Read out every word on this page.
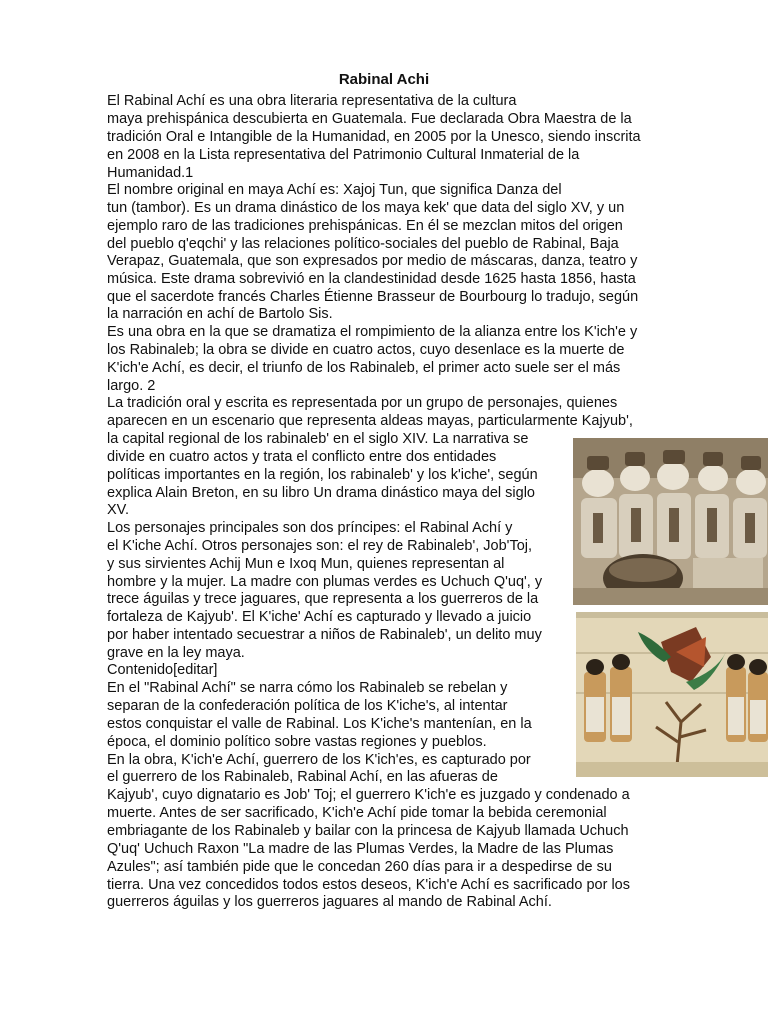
Rabinal Achi
El Rabinal Achí es una obra literaria representativa de la cultura
maya prehispánica descubierta en Guatemala. Fue declarada Obra Maestra de la
tradición Oral e Intangible de la Humanidad, en 2005 por la Unesco, siendo inscrita
en 2008 en la Lista representativa del Patrimonio Cultural Inmaterial de la
Humanidad.1
El nombre original en maya Achí es: Xajoj Tun, que significa Danza del
tun (tambor). Es un drama dinástico de los maya kek' que data del siglo XV, y un
ejemplo raro de las tradiciones prehispánicas. En él se mezclan mitos del origen
del pueblo q'eqchi' y las relaciones político-sociales del pueblo de Rabinal, Baja
Verapaz, Guatemala, que son expresados por medio de máscaras, danza, teatro y
música. Este drama sobrevivió en la clandestinidad desde 1625 hasta 1856, hasta
que el sacerdote francés Charles Étienne Brasseur de Bourbourg lo tradujo, según
la narración en achí de Bartolo Sis.
Es una obra en la que se dramatiza el rompimiento de la alianza entre los K'ich'e y
los Rabinaleb; la obra se divide en cuatro actos, cuyo desenlace es la muerte de
K'ich'e Achí, es decir, el triunfo de los Rabinaleb, el primer acto suele ser el más
largo. 2
La tradición oral y escrita es representada por un grupo de personajes, quienes
aparecen en un escenario que representa aldeas mayas, particularmente Kajyub',
la capital regional de los rabinaleb' en el siglo XIV. La narrativa se
divide en cuatro actos y trata el conflicto entre dos entidades
políticas importantes en la región, los rabinaleb' y los k'iche', según
explica Alain Breton, en su libro Un drama dinástico maya del siglo
XV.
Los personajes principales son dos príncipes: el Rabinal Achí y
el K'iche Achí. Otros personajes son: el rey de Rabinaleb', Job'Toj,
y sus sirvientes Achij Mun e Ixoq Mun, quienes representan al
hombre y la mujer. La madre con plumas verdes es Uchuch Q'uq', y
trece águilas y trece jaguares, que representa a los guerreros de la
fortaleza de Kajyub'. El K'iche' Achí es capturado y llevado a juicio
por haber intentado secuestrar a niños de Rabinaleb', un delito muy
grave en la ley maya.
Contenido[editar]
En el "Rabinal Achí" se narra cómo los Rabinaleb se rebelan y
separan de la confederación política de los K'iche's, al intentar
estos conquistar el valle de Rabinal. Los K'iche's mantenían, en la
época, el dominio político sobre vastas regiones y pueblos.
En la obra, K'ich'e Achí, guerrero de los K'ich'es, es capturado por
el guerrero de los Rabinaleb, Rabinal Achí, en las afueras de
Kajyub', cuyo dignatario es Job' Toj; el guerrero K'ich'e es juzgado y condenado a
muerte. Antes de ser sacrificado, K'ich'e Achí pide tomar la bebida ceremonial
embriagante de los Rabinaleb y bailar con la princesa de Kajyub llamada Uchuch
Q'uq' Uchuch Raxon "La madre de las Plumas Verdes, la Madre de las Plumas
Azules"; así también pide que le concedan 260 días para ir a despedirse de su
tierra. Una vez concedidos todos estos deseos, K'ich'e Achí es sacrificado por los
guerreros águilas y los guerreros jaguares al mando de Rabinal Achí.
